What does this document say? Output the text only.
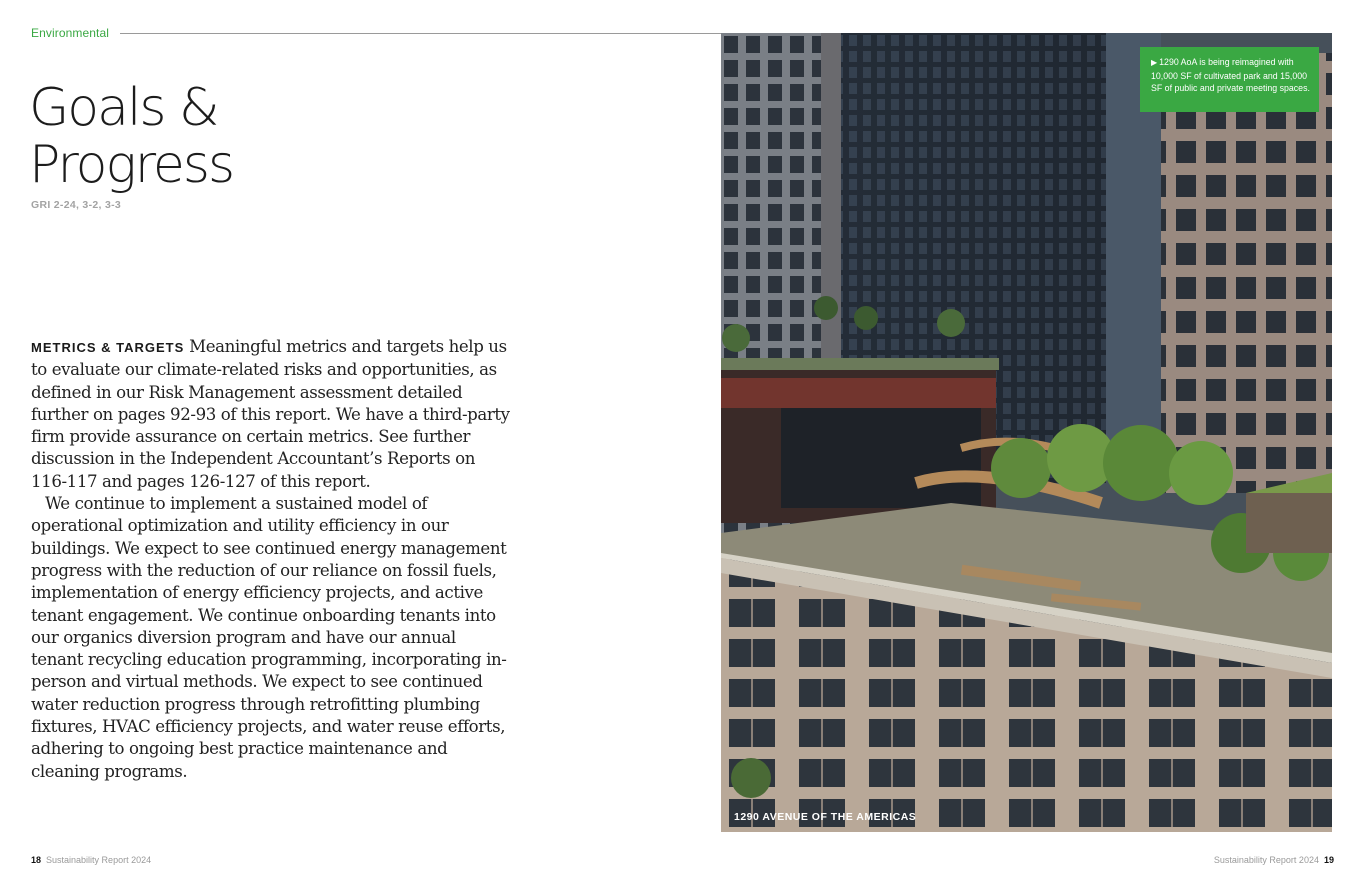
Environmental
Goals &
Progress
GRI 2-24, 3-2, 3-3

METRICS & TARGETS Meaningful metrics and targets help us to evaluate our climate-related risks and opportunities, as defined in our Risk Management assessment detailed further on pages 92-93 of this report. We have a third-party firm provide assurance on certain metrics. See further discussion in the Independent Accountant’s Reports on 116-117 and pages 126-127 of this report.

We continue to implement a sustained model of operational optimization and utility efficiency in our buildings. We expect to see continued energy management progress with the reduction of our reliance on fossil fuels, implementation of energy efficiency projects, and active tenant engagement. We continue onboarding tenants into our organics diversion program and have our annual tenant recycling education programming, incorporating in-person and virtual methods. We expect to see continued water reduction progress through retrofitting plumbing fixtures, HVAC efficiency projects, and water reuse efforts, adhering to ongoing best practice maintenance and cleaning programs.

▶ 1290 AoA is being reimagined with 10,000 SF of cultivated park and 15,000 SF of public and private meeting spaces.
1290 AVENUE OF THE AMERICAS
18 Sustainability Report 2024	Sustainability Report 2024 19
